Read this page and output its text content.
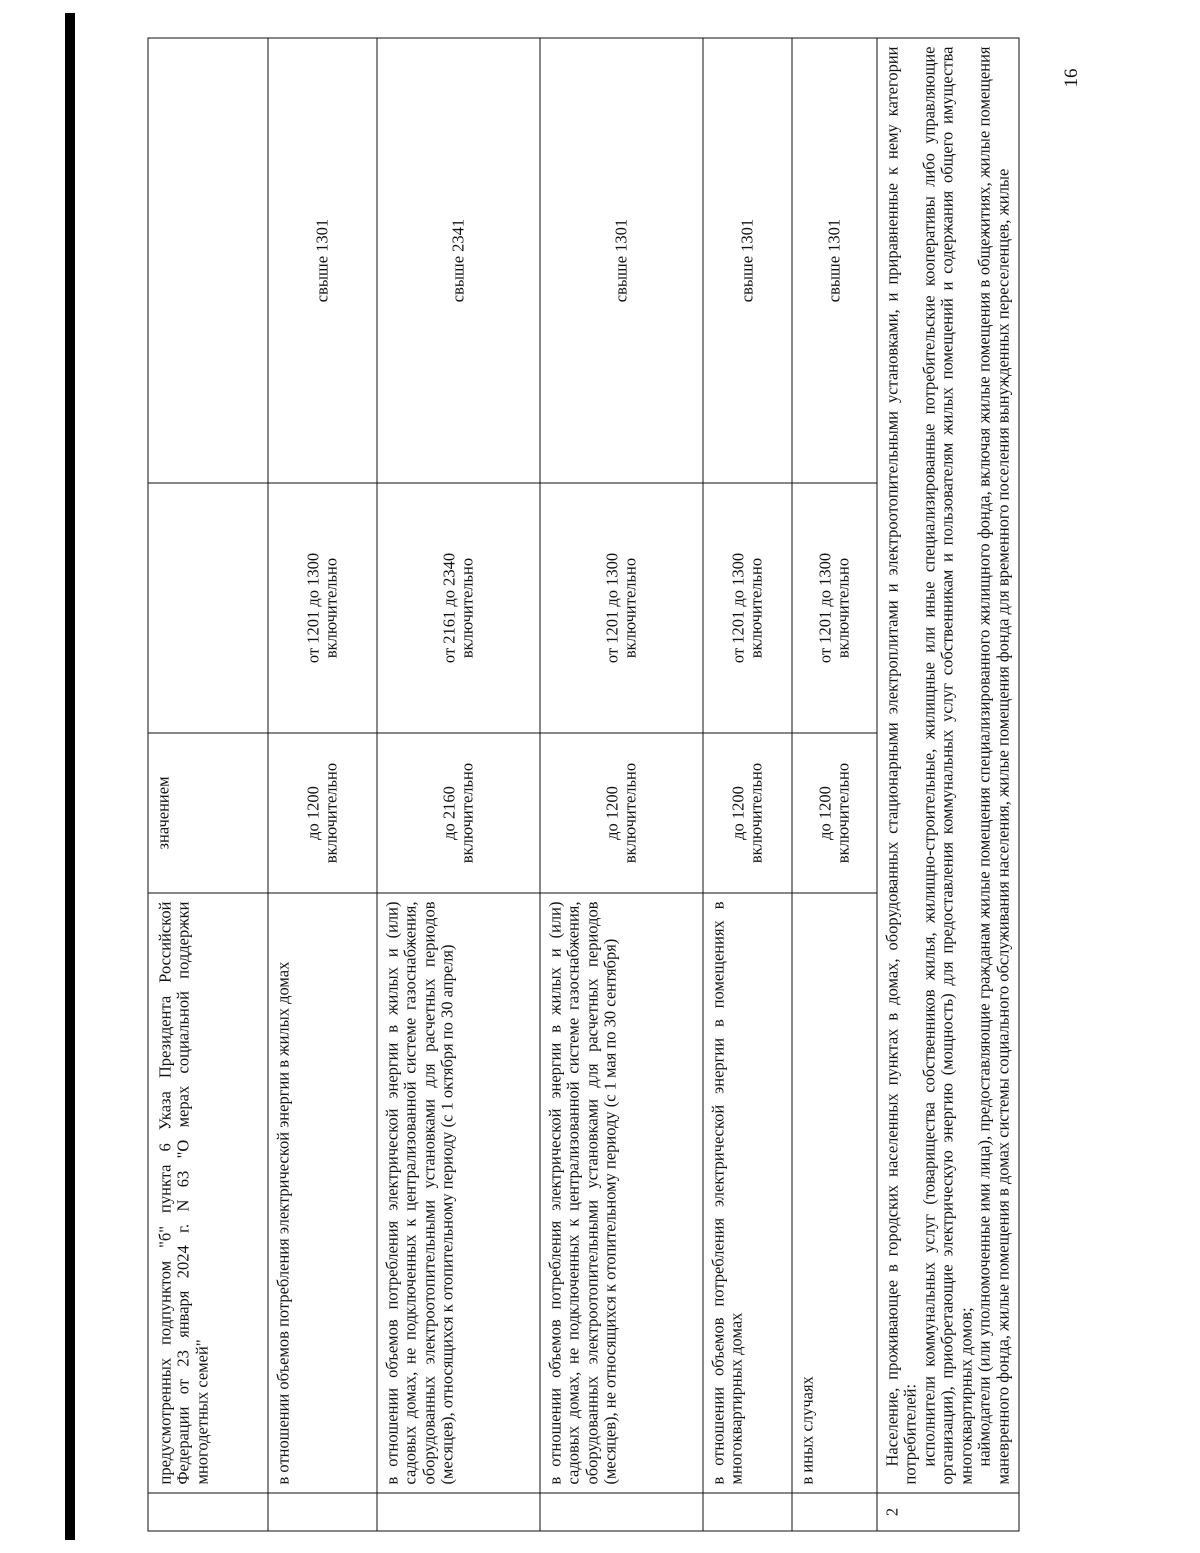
16
	предусмотренных подпунктом "б" пункта 6 Указа Президента Российской Федерации от 23 января 2024 г. N 63 "О мерах социальной поддержки многодетных семей"	значением		
	в отношении объемов потребления электрической энергии в жилых домах	до 1200
включительно	от 1201 до 1300
включительно	свыше 1301
	в отношении объемов потребления электрической энергии в жилых и (или) садовых домах, не подключенных к централизованной системе газоснабжения, оборудованных электроотопительными установками для расчетных периодов (месяцев), относящихся к отопительному периоду (с 1 октября по 30 апреля)	до 2160
включительно	от 2161 до 2340
включительно	свыше 2341
	в отношении объемов потребления электрической энергии в жилых и (или) садовых домах, не подключенных к централизованной системе газоснабжения, оборудованных электроотопительными установками для расчетных периодов (месяцев), не относящихся к отопительному периоду (с 1 мая по 30 сентября)	до 1200
включительно	от 1201 до 1300
включительно	свыше 1301
	в отношении объемов потребления электрической энергии в помещениях в многоквартирных домах	до 1200
включительно	от 1201 до 1300
включительно	свыше 1301
	в иных случаях	до 1200
включительно	от 1201 до 1300
включительно	свыше 1301
2	Население, проживающее в городских населенных пунктах в домах, оборудованных стационарными электроплитами и электроотопительными установками, и приравненные к нему категории потребителей: исполнители коммунальных услуг (товарищества собственников жилья, жилищно-строительные, жилищные или иные специализированные потребительские кооперативы либо управляющие организации), приобретающие электрическую энергию (мощность) для предоставления коммунальных услуг собственникам и пользователям жилых помещений и содержания общего имущества многоквартирных домов; наймодатели (или уполномоченные ими лица), предоставляющие гражданам жилые помещения специализированного жилищного фонда, включая жилые помещения в общежитиях, жилые помещения маневренного фонда, жилые помещения в домах системы социального обслуживания населения, жилые помещения фонда для временного поселения вынужденных переселенцев, жилые			
